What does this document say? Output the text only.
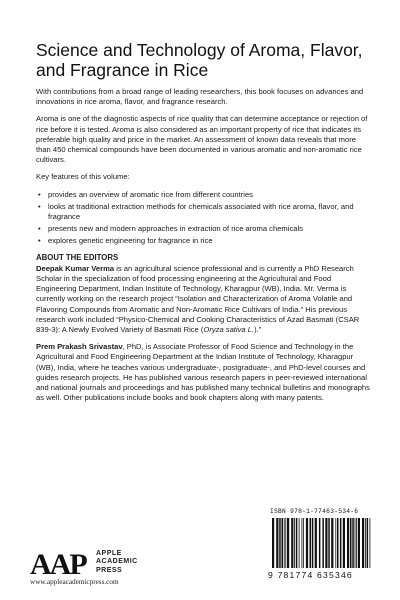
Science and Technology of Aroma, Flavor, and Fragrance in Rice

With contributions from a broad range of leading researchers, this book focuses on advances and innovations in rice aroma, flavor, and fragrance research.

Aroma is one of the diagnostic aspects of rice quality that can determine acceptance or rejection of rice before it is tested. Aroma is also considered as an important property of rice that indicates its preferable high quality and price in the market. An assessment of known data reveals that more than 450 chemical compounds have been documented in various aromatic and non-aromatic rice cultivars.

Key features of this volume:

• provides an overview of aromatic rice from different countries
• looks at traditional extraction methods for chemicals associated with rice aroma, flavor, and fragrance
• presents new and modern approaches in extraction of rice aroma chemicals
• explores genetic engineering for fragrance in rice
ABOUT THE EDITORS

Deepak Kumar Verma is an agricultural science professional and is currently a PhD Research Scholar in the specialization of food processing engineering at the Agricultural and Food Engineering Department, Indian Institute of Technology, Kharagpur (WB), India. Mr. Verma is currently working on the research project “Isolation and Characterization of Aroma Volatile and Flavoring Compounds from Aromatic and Non-Aromatic Rice Cultivars of India.” His previous research work included “Physico-Chemical and Cooking Characteristics of Azad Basmati (CSAR 839-3): A Newly Evolved Variety of Basmati Rice (Oryza sativa L.).”

Prem Prakash Srivastav, PhD, is Associate Professor of Food Science and Technology in the Agricultural and Food Engineering Department at the Indian Institute of Technology, Kharagpur (WB), India, where he teaches various undergraduate-, postgraduate-, and PhD-level courses and guides research projects. He has published various research papers in peer-reviewed international and national journals and proceedings and has published many technical bulletins and monographs as well. Other publications include books and book chapters along with many patents.

AAP APPLE
ACADEMIC
PRESS
www.appleacademicpress.com
ISBN 978-1-77463-534-6
9 781774 635346
